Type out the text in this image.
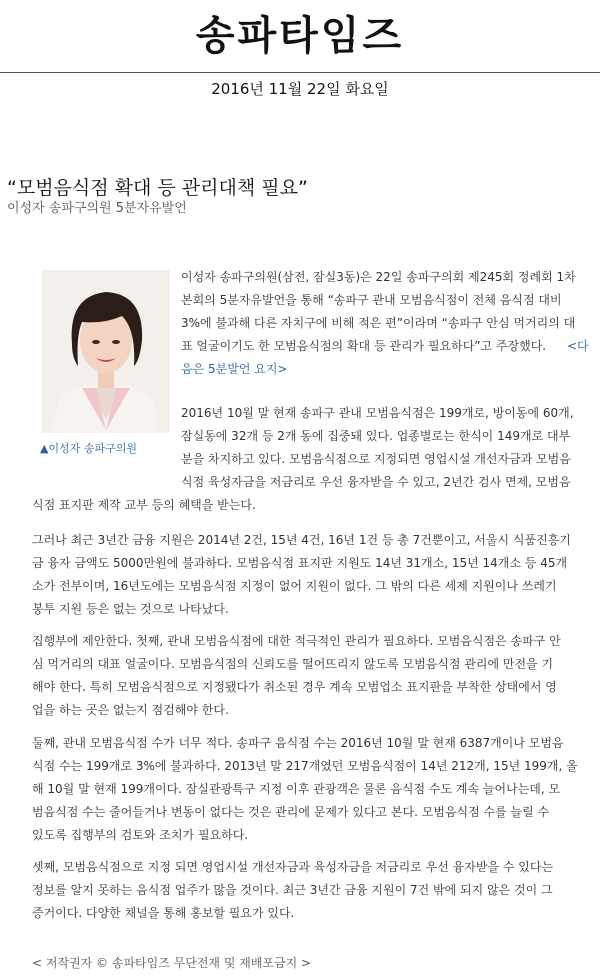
송파타임즈
2016년 11월 22일 화요일
“모범음식점 확대 등 관리대책 필요”
이성자 송파구의원 5분자유발언
▲이성자 송파구의원
이성자 송파구의원(삼전, 잠실3동)은 22일 송파구의회 제245회 정례회 1차
본회의 5분자유발언을 통해 “송파구 관내 모범음식점이 전체 음식점 대비
3%에 불과해 다른 자치구에 비해 적은 편”이라며 “송파구 안심 먹거리의 대
표 얼굴이기도 한 모범음식점의 확대 등 관리가 필요하다”고 주장했다. <다
음은 5분발언 요지>
2016년 10월 말 현재 송파구 관내 모범음식점은 199개로, 방이동에 60개,
잠실동에 32개 등 2개 동에 집중돼 있다. 업종별로는 한식이 149개로 대부
분을 차지하고 있다. 모범음식점으로 지정되면 영업시설 개선자금과 모범음
식점 육성자금을 저금리로 우선 융자받을 수 있고, 2년간 검사 면제, 모범음
식점 표지판 제작 교부 등의 혜택을 받는다.
그러나 최근 3년간 금융 지원은 2014년 2건, 15년 4건, 16년 1건 등 총 7건뿐이고, 서울시 식품진흥기
금 융자 금액도 5000만원에 불과하다. 모범음식점 표지판 지원도 14년 31개소, 15년 14개소 등 45개
소가 전부이며, 16년도에는 모범음식점 지정이 없어 지원이 없다. 그 밖의 다른 세제 지원이나 쓰레기
봉투 지원 등은 없는 것으로 나타났다.
집행부에 제안한다. 첫째, 관내 모범음식점에 대한 적극적인 관리가 필요하다. 모범음식점은 송파구 안
심 먹거리의 대표 얼굴이다. 모범음식점의 신뢰도를 떨어뜨리지 않도록 모범음식점 관리에 만전을 기
해야 한다. 특히 모범음식점으로 지정됐다가 취소된 경우 계속 모범업소 표지판을 부착한 상태에서 영
업을 하는 곳은 없는지 점검해야 한다.
둘째, 관내 모범음식점 수가 너무 적다. 송파구 음식점 수는 2016년 10월 말 현재 6387개이나 모범음
식점 수는 199개로 3%에 불과하다. 2013년 말 217개였던 모범음식점이 14년 212개, 15년 199개, 올
해 10월 말 현재 199개이다. 잠실관광특구 지정 이후 관광객은 물론 음식점 수도 계속 늘어나는데, 모
범음식점 수는 줄어들거나 변동이 없다는 것은 관리에 문제가 있다고 본다. 모범음식점 수를 늘릴 수
있도록 집행부의 검토와 조치가 필요하다.
셋째, 모범음식점으로 지정 되면 영업시설 개선자금과 육성자금을 저금리로 우선 융자받을 수 있다는
정보를 알지 못하는 음식점 업주가 많을 것이다. 최근 3년간 금융 지원이 7건 밖에 되지 않은 것이 그
증거이다. 다양한 채널을 통해 홍보할 필요가 있다.
< 저작권자 © 송파타임즈 무단전재 및 재배포금지 >
